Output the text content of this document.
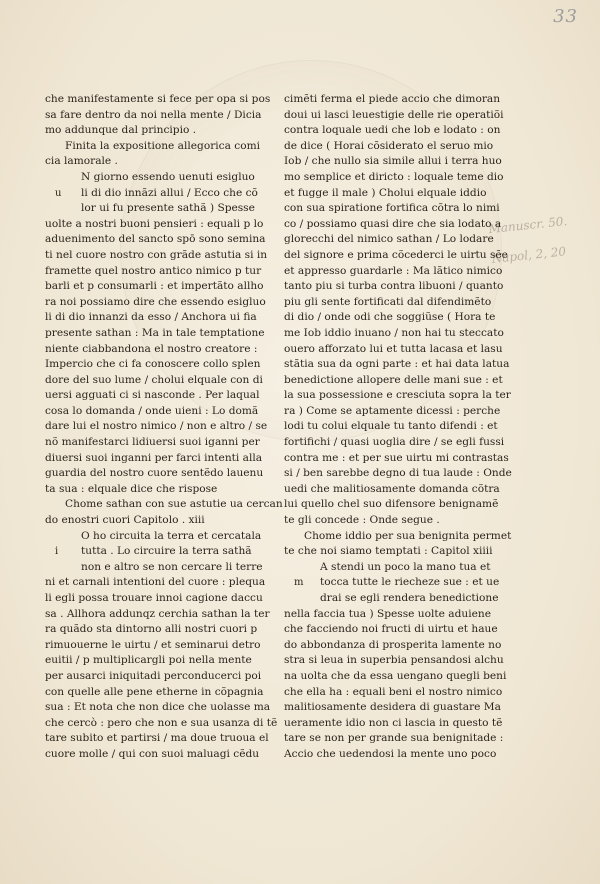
33
Manuscr. 50.
Napol, 2, 20
che manifestamente si fece per opa si pos
sa fare dentro da noi nella mente / Dicia
mo addunque dal principio .
Finita la expositione allegorica comi
cia lamorale .
N giorno essendo uenuti esigluo
u li di dio innãzi allui / Ecco che cõ
lor ui fu presente sathã ) Spesse
uolte a nostri buoni pensieri : equali p lo
aduenimento del sancto spō sono semina
ti nel cuore nostro con grãde astutia si in
framette quel nostro antico nimico p tur
barli et p consumarli : et impertãto allho
ra noi possiamo dire che essendo esigluo
li di dio innanzi da esso / Anchora ui fia
presente sathan : Ma in tale temptatione
niente ciabbandona el nostro creatore :
Impercio che ci fa conoscere collo splen
dore del suo lume / cholui elquale con di
uersi agguati ci si nasconde . Per laqual
cosa lo domanda / onde uieni : Lo domã
dare lui el nostro nimico / non e altro / se
nõ manifestarci lidiuersi suoi iganni per
diuersi suoi inganni per farci intenti alla
guardia del nostro cuore sentẽdo lauenu
ta sua : elquale dice che rispose
Chome sathan con sue astutie ua cercan
do enostri cuori Capitolo . xiii
O ho circuita la terra et cercatala
i tutta . Lo circuire la terra sathã
non e altro se non cercare li terre
ni et carnali intentioni del cuore : plequa
li egli possa trouare innoi cagione daccu
sa . Allhora addunqz cerchia sathan la ter
ra quãdo sta dintorno alli nostri cuori p
rimuouerne le uirtu / et seminarui detro
euitii / p multiplicargli poi nella mente
per ausarci iniquitadi perconducerci poi
con quelle alle pene etherne in cõpagnia
sua : Et nota che non dice che uolasse ma
che cercò : pero che non e sua usanza di tẽ
tare subito et partirsi / ma doue truoua el
cuore molle / qui con suoi maluagi cẽdu
cimẽti ferma el piede accio che dimoran
doui ui lasci leuestigie delle rie operatiõi
contra loquale uedi che lob e lodato : on
de dice ( Horai cõsiderato el seruo mio
Iob / che nullo sia simile allui i terra huo
mo semplice et diricto : loquale teme dio
et fugge il male ) Cholui elquale iddio
con sua spiratione fortifica cõtra lo nimi
co / possiamo quasi dire che sia lodato a
glorecchi del nimico sathan / Lo lodare
del signore e prima cõcederci le uirtu sẽe
et appresso guardarle : Ma lãtico nimico
tanto piu si turba contra libuoni / quanto
piu gli sente fortificati dal difendimẽto
di dio / onde odi che soggiũse ( Hora te
me Iob iddio inuano / non hai tu steccato
ouero afforzato lui et tutta lacasa et lasu
stãtia sua da ogni parte : et hai data latua
benedictione allopere delle mani sue : et
la sua possessione e cresciuta sopra la ter
ra ) Come se aptamente dicessi : perche
lodi tu colui elquale tu tanto difendi : et
fortifichi / quasi uoglia dire / se egli fussi
contra me : et per sue uirtu mi contrastas
si / ben sarebbe degno di tua laude : Onde
uedi che malitiosamente domanda cõtra
lui quello chel suo difensore benignamẽ
te gli concede : Onde segue .
Chome iddio per sua benignita permet
te che noi siamo temptati : Capitol xiiii
A stendi un poco la mano tua et
m tocca tutte le riecheze sue : et ue
drai se egli rendera benedictione
nella faccia tua ) Spesse uolte aduiene
che facciendo noi fructi di uirtu et haue
do abbondanza di prosperita lamente no
stra si leua in superbia pensandosi alchu
na uolta che da essa uengano quegli beni
che ella ha : equali beni el nostro nimico
malitiosamente desidera di guastare Ma
ueramente idio non ci lascia in questo tẽ
tare se non per grande sua benignitade :
Accio che uedendosi la mente uno poco
